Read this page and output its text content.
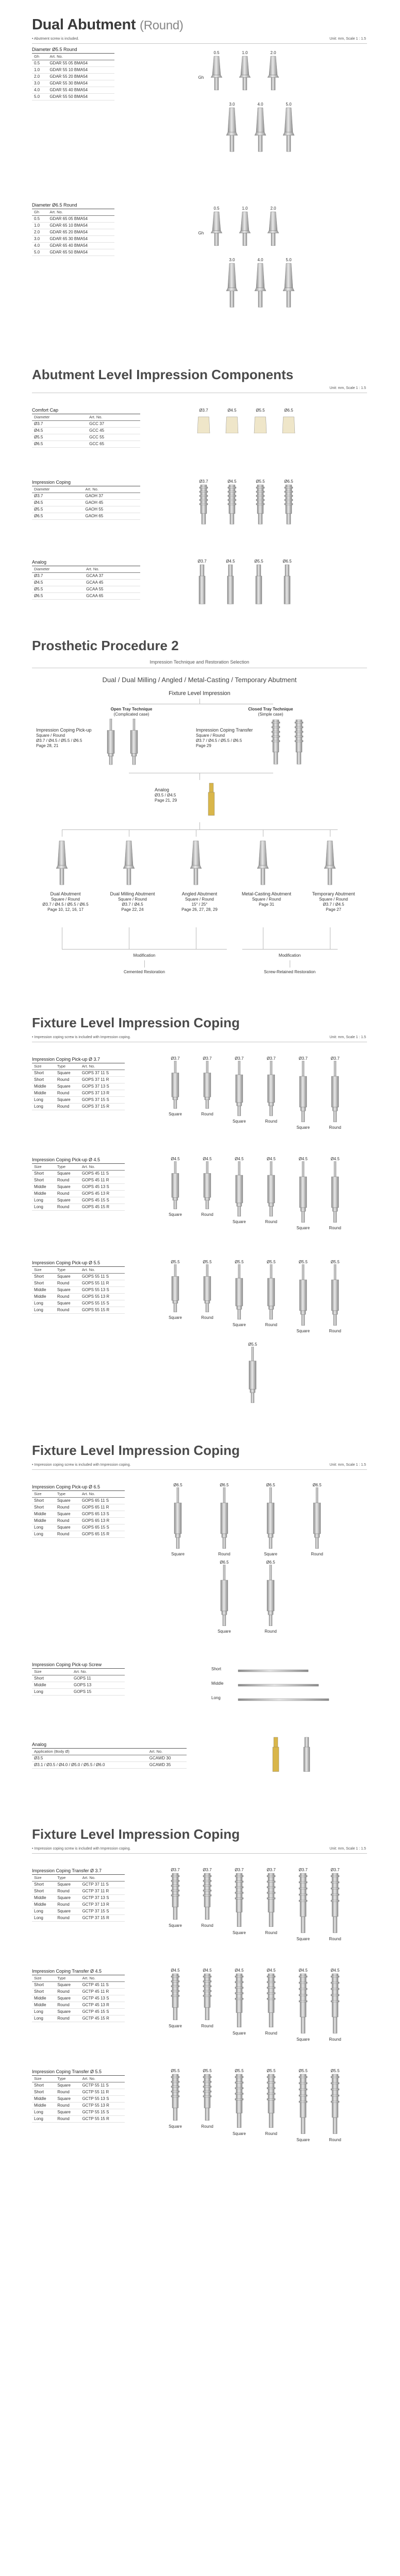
Dual Abutment (Round)
• Abutment screw is included.	Unit: mm, Scale 1 : 1.5
Diameter Ø5.5 Round	
Gh	Art. No.
0.5	GDAR 55 05 BMA54
1.0	GDAR 55 10 BMA54
2.0	GDAR 55 20 BMA54
3.0	GDAR 55 30 BMA54
4.0	GDAR 55 40 BMA54
5.0	GDAR 55 50 BMA54
Gh
0.5	1.0	2.0
3.0	4.0	5.0
Diameter Ø6.5 Round	
Gh	Art. No.
0.5	GDAR 65 05 BMA54
1.0	GDAR 65 10 BMA54
2.0	GDAR 65 20 BMA54
3.0	GDAR 65 30 BMA54
4.0	GDAR 65 40 BMA54
5.0	GDAR 65 50 BMA54
Gh
0.5	1.0	2.0
3.0	4.0	5.0
Abutment Level Impression Components
Unit: mm, Scale 1 : 1.5
Comfort Cap	
Diameter	Art. No.
Ø3.7	GCC 37
Ø4.5	GCC 45
Ø5.5	GCC 55
Ø6.5	GCC 65
Ø3.7	Ø4.5	Ø5.5	Ø6.5
Impression Coping	
Diameter	Art. No.
Ø3.7	GAOH 37
Ø4.5	GAOH 45
Ø5.5	GAOH 55
Ø6.5	GAOH 65
Ø3.7	Ø4.5	Ø5.5	Ø6.5
Analog	
Diameter	Art. No.
Ø3.7	GCAA 37
Ø4.5	GCAA 45
Ø5.5	GCAA 55
Ø6.5	GCAA 65
Ø3.7	Ø4.5	Ø5.5	Ø6.5
Prosthetic Procedure 2
Impression Technique and Restoration Selection
Dual / Dual Milling / Angled / Metal-Casting / Temporary Abutment
Fixture Level Impression
Open Tray Technique
(Complicated case)
Closed Tray Technique
(Simple case)
Impression Coping Pick-up
Square / Round
Ø3.7 / Ø4.5 / Ø5.5 / Ø6.5
Page 28, 21
Impression Coping Transfer
Square / Round
Ø3.7 / Ø4.5 / Ø5.5 / Ø6.5
Page 29
Analog
Ø3.5 / Ø4.5
Page 21, 29
Dual Abutment
Square / Round
Ø3.7 / Ø4.5 / Ø5.5 / Ø6.5
Page 10, 12, 16, 17
Dual Milling Abutment
Square / Round
Ø3.7 / Ø4.5
Page 22, 24
Angled Abutment
Square / Round
15° / 25°
Page 26, 27, 28, 29
Metal-Casting Abutment
Square / Round
Page 31
Temporary Abutment
Square / Round
Ø3.7 / Ø4.5
Page 27
Modification	Modification
Cemented Restoration	Screw-Retained Restoration
Fixture Level Impression Coping
• Impression coping screw is included with Impression coping.	Unit: mm, Scale 1 : 1.5
Impression Coping Pick-up Ø 3.7		
Size	Type	Art. No.
Short	Square	GOPS 37 11 S
Short	Round	GOPS 37 11 R
Middle	Square	GOPS 37 13 S
Middle	Round	GOPS 37 13 R
Long	Square	GOPS 37 15 S
Long	Round	GOPS 37 15 R
Ø3.7
Square
Ø3.7
Round
Ø3.7
Square
Ø3.7
Round
Ø3.7
Square
Ø3.7
Round
Impression Coping Pick-up Ø 4.5		
Size	Type	Art. No.
Short	Square	GOPS 45 11 S
Short	Round	GOPS 45 11 R
Middle	Square	GOPS 45 13 S
Middle	Round	GOPS 45 13 R
Long	Square	GOPS 45 15 S
Long	Round	GOPS 45 15 R
Ø4.5
Square
Ø4.5
Round
Ø4.5
Square
Ø4.5
Round
Ø4.5
Square
Ø4.5
Round
Impression Coping Pick-up Ø 5.5		
Size	Type	Art. No.
Short	Square	GOPS 55 11 S
Short	Round	GOPS 55 11 R
Middle	Square	GOPS 55 13 S
Middle	Round	GOPS 55 13 R
Long	Square	GOPS 55 15 S
Long	Round	GOPS 55 15 R
Ø5.5
Square
Ø5.5
Round
Ø5.5
Square
Ø5.5
Round
Ø5.5
Square
Ø5.5
Round
Ø5.5
Fixture Level Impression Coping
• Impression coping screw is included with Impression coping.	Unit: mm, Scale 1 : 1.5
Impression Coping Pick-up Ø 6.5		
Size	Type	Art. No.
Short	Square	GOPS 65 11 S
Short	Round	GOPS 65 11 R
Middle	Square	GOPS 65 13 S
Middle	Round	GOPS 65 13 R
Long	Square	GOPS 65 15 S
Long	Round	GOPS 65 15 R
Ø6.5
Square
Ø6.5
Round
Ø6.5
Square
Ø6.5
Round
Ø6.5
Square
Ø6.5
Round
Impression Coping Pick-up Screw	
Size	Art. No.
Short	GOPS 11
Middle	GOPS 13
Long	GOPS 15
Short
Middle
Long
Analog	
Application (Body Ø)	Art. No.
Ø3.5	GCAWD 30
Ø3.1 / Ø3.5 / Ø4.0 / Ø5.0 / Ø5.5 / Ø6.0	GCAWD 35
Fixture Level Impression Coping
• Impression coping screw is included with Impression coping.	Unit: mm, Scale 1 : 1.5
Impression Coping Transfer Ø 3.7		
Size	Type	Art. No.
Short	Square	GCTP 37 11 S
Short	Round	GCTP 37 11 R
Middle	Square	GCTP 37 13 S
Middle	Round	GCTP 37 13 R
Long	Square	GCTP 37 15 S
Long	Round	GCTP 37 15 R
Ø3.7
Square
Ø3.7
Round
Ø3.7
Square
Ø3.7
Round
Ø3.7
Square
Ø3.7
Round
Impression Coping Transfer Ø 4.5		
Size	Type	Art. No.
Short	Square	GCTP 45 11 S
Short	Round	GCTP 45 11 R
Middle	Square	GCTP 45 13 S
Middle	Round	GCTP 45 13 R
Long	Square	GCTP 45 15 S
Long	Round	GCTP 45 15 R
Ø4.5
Square
Ø4.5
Round
Ø4.5
Square
Ø4.5
Round
Ø4.5
Square
Ø4.5
Round
Impression Coping Transfer Ø 5.5		
Size	Type	Art. No.
Short	Square	GCTP 55 11 S
Short	Round	GCTP 55 11 R
Middle	Square	GCTP 55 13 S
Middle	Round	GCTP 55 13 R
Long	Square	GCTP 55 15 S
Long	Round	GCTP 55 15 R
Ø5.5
Square
Ø5.5
Round
Ø5.5
Square
Ø5.5
Round
Ø5.5
Square
Ø5.5
Round
